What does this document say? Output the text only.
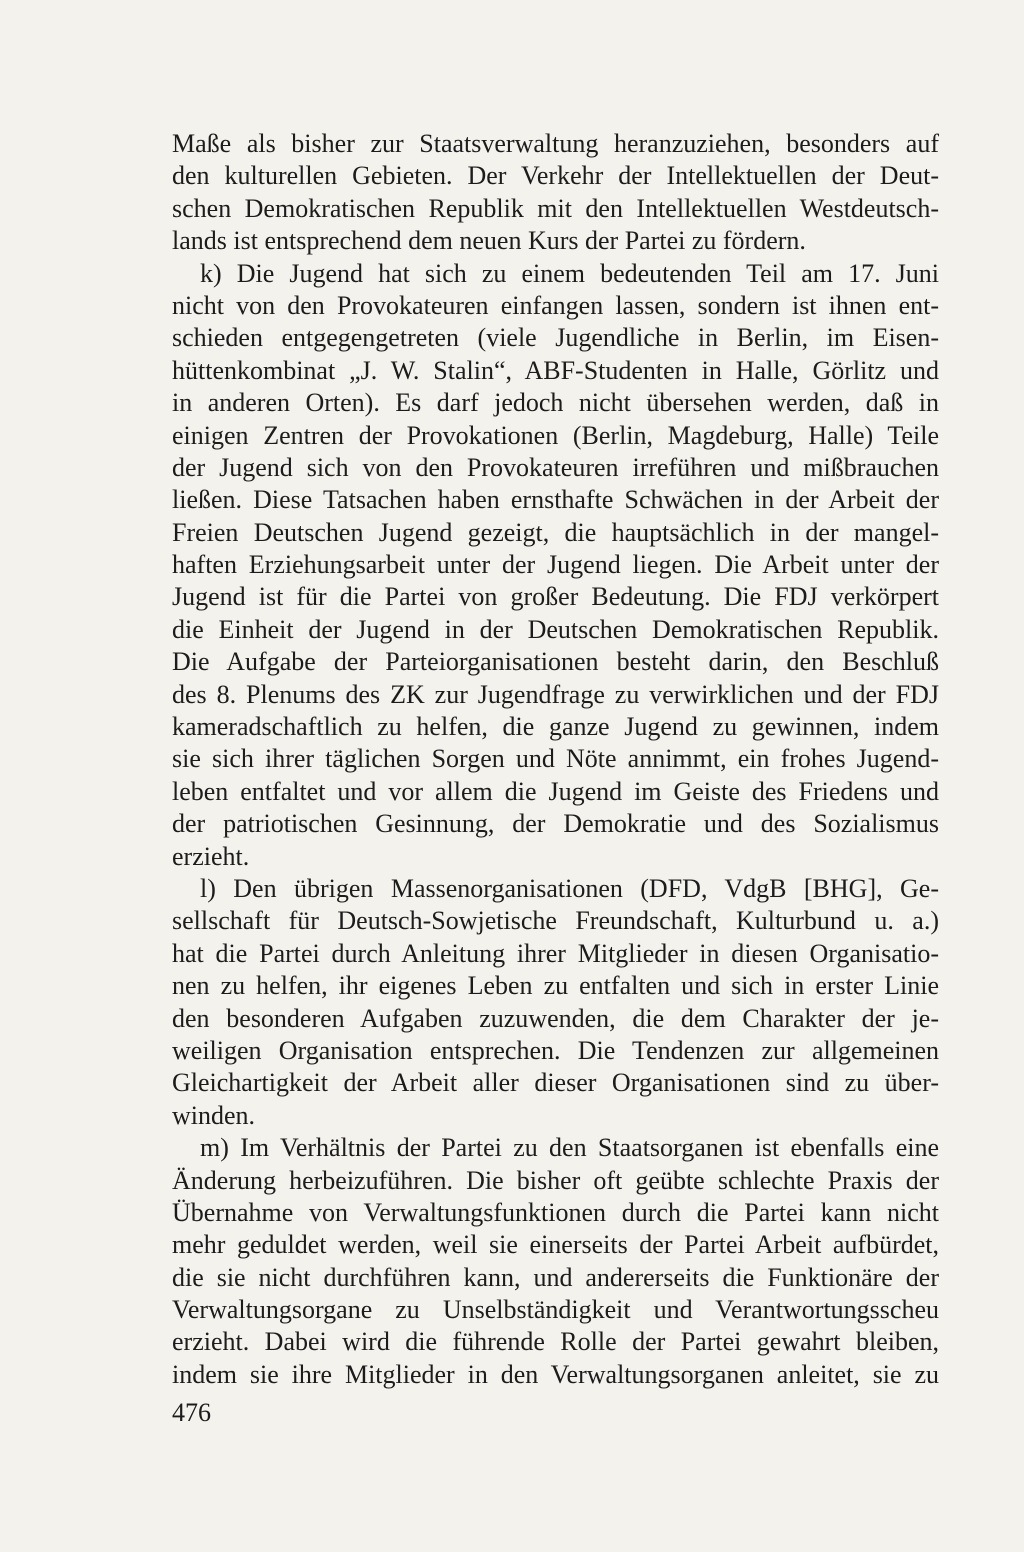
Maße als bisher zur Staatsverwaltung heranzuziehen, besonders auf
den kulturellen Gebieten. Der Verkehr der Intellektuellen der Deut-
schen Demokratischen Republik mit den Intellektuellen Westdeutsch-
lands ist entsprechend dem neuen Kurs der Partei zu fördern.
k) Die Jugend hat sich zu einem bedeutenden Teil am 17. Juni
nicht von den Provokateuren einfangen lassen, sondern ist ihnen ent-
schieden entgegengetreten (viele Jugendliche in Berlin, im Eisen-
hüttenkombinat „J. W. Stalin“, ABF-Studenten in Halle, Görlitz und
in anderen Orten). Es darf jedoch nicht übersehen werden, daß in
einigen Zentren der Provokationen (Berlin, Magdeburg, Halle) Teile
der Jugend sich von den Provokateuren irreführen und mißbrauchen
ließen. Diese Tatsachen haben ernsthafte Schwächen in der Arbeit der
Freien Deutschen Jugend gezeigt, die hauptsächlich in der mangel-
haften Erziehungsarbeit unter der Jugend liegen. Die Arbeit unter der
Jugend ist für die Partei von großer Bedeutung. Die FDJ verkörpert
die Einheit der Jugend in der Deutschen Demokratischen Republik.
Die Aufgabe der Parteiorganisationen besteht darin, den Beschluß
des 8. Plenums des ZK zur Jugendfrage zu verwirklichen und der FDJ
kameradschaftlich zu helfen, die ganze Jugend zu gewinnen, indem
sie sich ihrer täglichen Sorgen und Nöte annimmt, ein frohes Jugend-
leben entfaltet und vor allem die Jugend im Geiste des Friedens und
der patriotischen Gesinnung, der Demokratie und des Sozialismus
erzieht.
l) Den übrigen Massenorganisationen (DFD, VdgB [BHG], Ge-
sellschaft für Deutsch-Sowjetische Freundschaft, Kulturbund u. a.)
hat die Partei durch Anleitung ihrer Mitglieder in diesen Organisatio-
nen zu helfen, ihr eigenes Leben zu entfalten und sich in erster Linie
den besonderen Aufgaben zuzuwenden, die dem Charakter der je-
weiligen Organisation entsprechen. Die Tendenzen zur allgemeinen
Gleichartigkeit der Arbeit aller dieser Organisationen sind zu über-
winden.
m) Im Verhältnis der Partei zu den Staatsorganen ist ebenfalls eine
Änderung herbeizuführen. Die bisher oft geübte schlechte Praxis der
Übernahme von Verwaltungsfunktionen durch die Partei kann nicht
mehr geduldet werden, weil sie einerseits der Partei Arbeit aufbürdet,
die sie nicht durchführen kann, und andererseits die Funktionäre der
Verwaltungsorgane zu Unselbständigkeit und Verantwortungsscheu
erzieht. Dabei wird die führende Rolle der Partei gewahrt bleiben,
indem sie ihre Mitglieder in den Verwaltungsorganen anleitet, sie zu
476
